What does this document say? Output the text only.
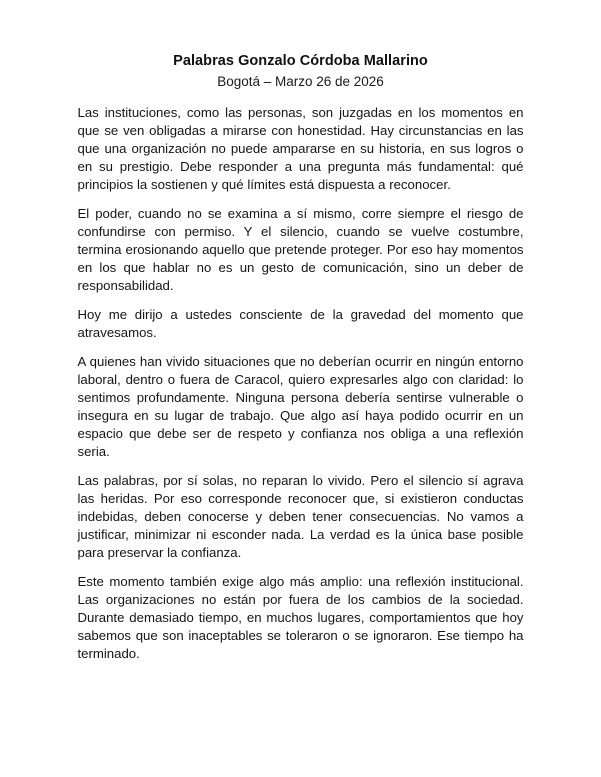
Palabras Gonzalo Córdoba Mallarino

Bogotá – Marzo 26 de 2026

Las instituciones, como las personas, son juzgadas en los momentos en que se ven obligadas a mirarse con honestidad. Hay circunstancias en las que una organización no puede ampararse en su historia, en sus logros o en su prestigio. Debe responder a una pregunta más fundamental: qué principios la sostienen y qué límites está dispuesta a reconocer.

El poder, cuando no se examina a sí mismo, corre siempre el riesgo de confundirse con permiso. Y el silencio, cuando se vuelve costumbre, termina erosionando aquello que pretende proteger. Por eso hay momentos en los que hablar no es un gesto de comunicación, sino un deber de responsabilidad.

Hoy me dirijo a ustedes consciente de la gravedad del momento que atravesamos.

A quienes han vivido situaciones que no deberían ocurrir en ningún entorno laboral, dentro o fuera de Caracol, quiero expresarles algo con claridad: lo sentimos profundamente. Ninguna persona debería sentirse vulnerable o insegura en su lugar de trabajo. Que algo así haya podido ocurrir en un espacio que debe ser de respeto y confianza nos obliga a una reflexión seria.

Las palabras, por sí solas, no reparan lo vivido. Pero el silencio sí agrava las heridas. Por eso corresponde reconocer que, si existieron conductas indebidas, deben conocerse y deben tener consecuencias. No vamos a justificar, minimizar ni esconder nada. La verdad es la única base posible para preservar la confianza.

Este momento también exige algo más amplio: una reflexión institucional. Las organizaciones no están por fuera de los cambios de la sociedad. Durante demasiado tiempo, en muchos lugares, comportamientos que hoy sabemos que son inaceptables se toleraron o se ignoraron. Ese tiempo ha terminado.
